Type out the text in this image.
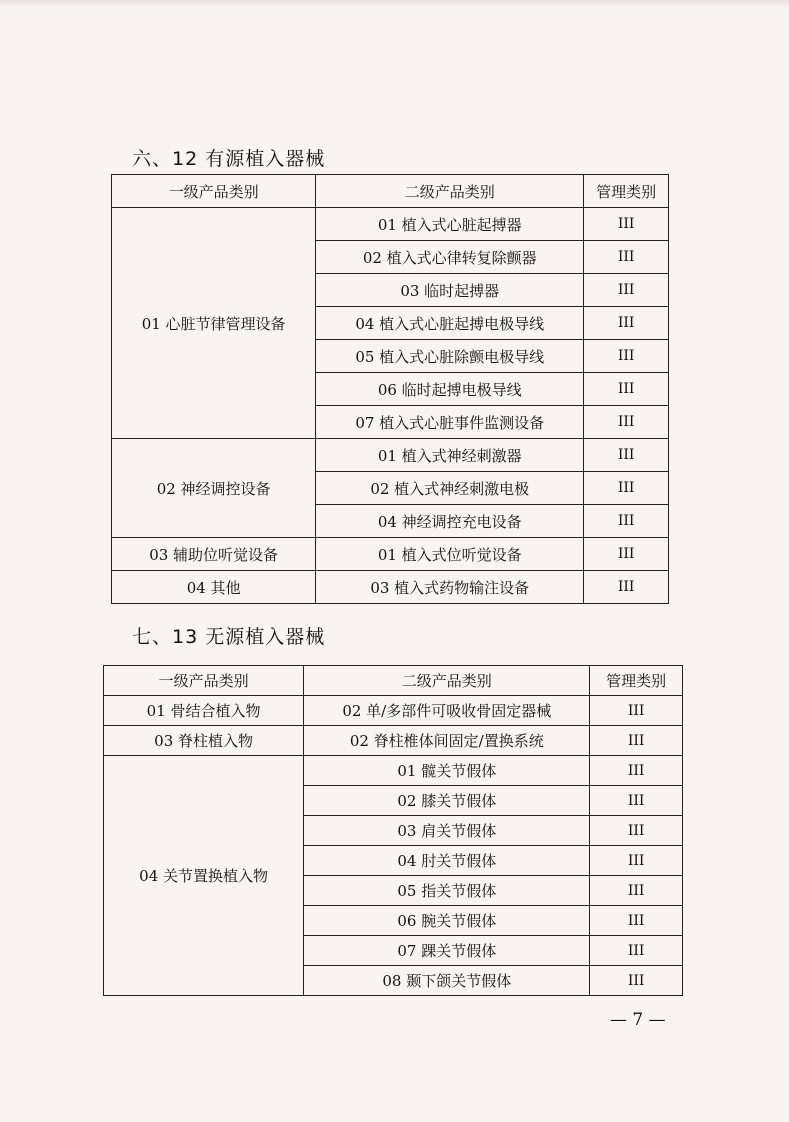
六、12 有源植入器械
一级产品类别	二级产品类别	管理类别
01 心脏节律管理设备	01 植入式心脏起搏器	III
	02 植入式心律转复除颤器	III
	03 临时起搏器	III
	04 植入式心脏起搏电极导线	III
	05 植入式心脏除颤电极导线	III
	06 临时起搏电极导线	III
	07 植入式心脏事件监测设备	III
02 神经调控设备	01 植入式神经刺激器	III
	02 植入式神经刺激电极	III
	04 神经调控充电设备	III
03 辅助位听觉设备	01 植入式位听觉设备	III
04 其他	03 植入式药物输注设备	III
七、13 无源植入器械
一级产品类别	二级产品类别	管理类别
01 骨结合植入物	02 单/多部件可吸收骨固定器械	III
03 脊柱植入物	02 脊柱椎体间固定/置换系统	III
04 关节置换植入物	01 髋关节假体	III
	02 膝关节假体	III
	03 肩关节假体	III
	04 肘关节假体	III
	05 指关节假体	III
	06 腕关节假体	III
	07 踝关节假体	III
	08 颞下颌关节假体	III
— 7 —
